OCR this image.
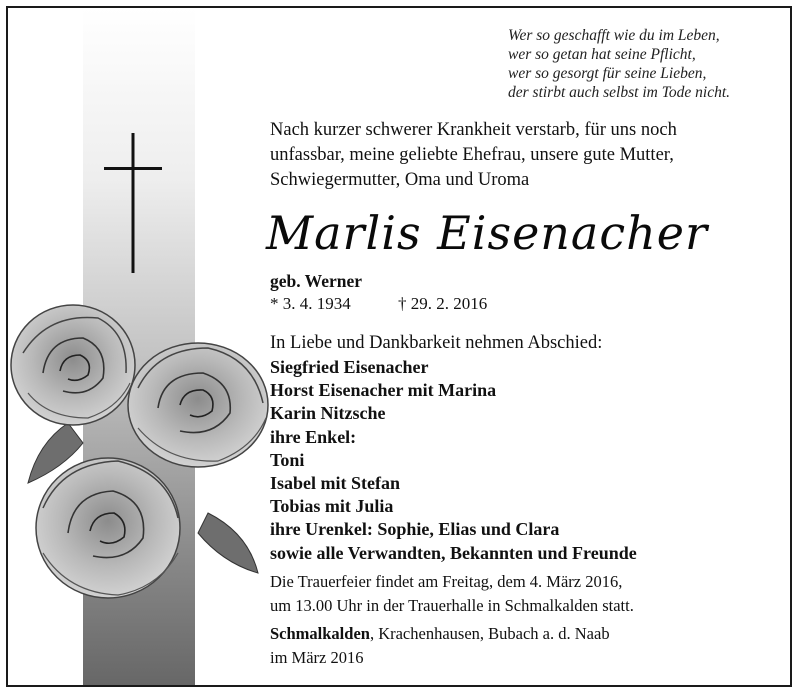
Wer so geschafft wie du im Leben,
wer so getan hat seine Pflicht,
wer so gesorgt für seine Lieben,
der stirbt auch selbst im Tode nicht.
Nach kurzer schwerer Krankheit verstarb, für uns noch
unfassbar, meine geliebte Ehefrau, unsere gute Mutter,
Schwiegermutter, Oma und Uroma
Marlis Eisenacher
geb. Werner
* 3. 4. 1934	† 29. 2. 2016
In Liebe und Dankbarkeit nehmen Abschied:
Siegfried Eisenacher
Horst Eisenacher mit Marina
Karin Nitzsche
ihre Enkel:
Toni
Isabel mit Stefan
Tobias mit Julia
ihre Urenkel: Sophie, Elias und Clara
sowie alle Verwandten, Bekannten und Freunde
Die Trauerfeier findet am Freitag, dem 4. März 2016,
um 13.00 Uhr in der Trauerhalle in Schmalkalden statt.
Schmalkalden, Krachenhausen, Bubach a. d. Naab
im März 2016
